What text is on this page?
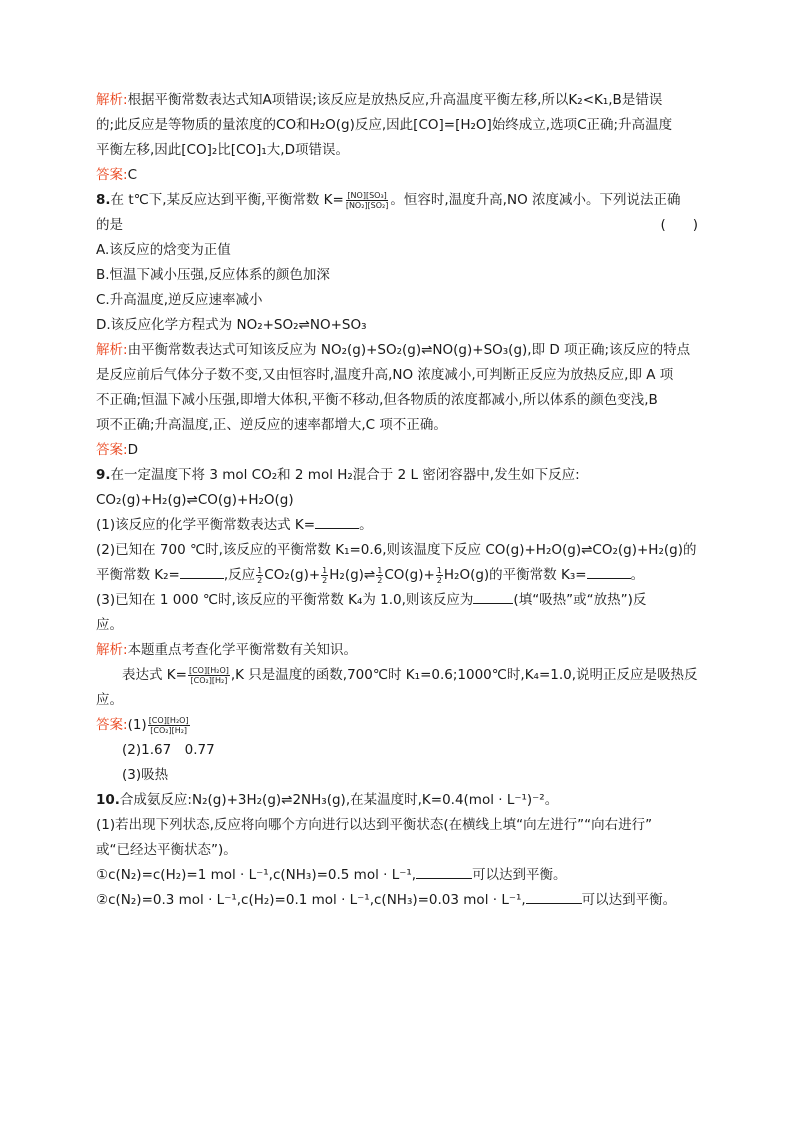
解析:根据平衡常数表达式知A项错误;该反应是放热反应,升高温度平衡左移,所以K₂<K₁,B是错误

的;此反应是等物质的量浓度的CO和H₂O(g)反应,因此[CO]=[H₂O]始终成立,选项C正确;升高温度

平衡左移,因此[CO]₂比[CO]₁大,D项错误。

答案:C

8.在 t℃下,某反应达到平衡,平衡常数 $K= \frac{\text{[NO][SO₃]}}{\text{[NO₂][SO₂]}}$ 。恒容时,温度升高,NO 浓度减小。下列说法正确

的是	(　　)

A.该反应的焓变为正值

B.恒温下减小压强,反应体系的颜色加深

C.升高温度,逆反应速率减小

D.该反应化学方程式为 NO₂+SO₂⇌NO+SO₃

解析:由平衡常数表达式可知该反应为 NO₂(g)+SO₂(g)⇌NO(g)+SO₃(g),即 D 项正确;该反应的特点

是反应前后气体分子数不变,又由恒容时,温度升高,NO 浓度减小,可判断正反应为放热反应,即 A 项

不正确;恒温下减小压强,即增大体积,平衡不移动,但各物质的浓度都减小,所以体系的颜色变浅,B

项不正确;升高温度,正、逆反应的速率都增大,C 项不正确。

答案:D

9.在一定温度下将 3 mol CO₂和 2 mol H₂混合于 2 L 密闭容器中,发生如下反应:

CO₂(g)+H₂(g)⇌CO(g)+H₂O(g)

(1)该反应的化学平衡常数表达式 K=	。

(2)已知在 700 ℃时,该反应的平衡常数 K₁=0.6,则该温度下反应 CO(g)+H₂O(g)⇌CO₂(g)+H₂(g)的

平衡常数 K₂=	,反应 $\frac{1}{2} CO_2(g)+ \frac{1}{2}$ H₂(g)⇌ $\frac{1}{2} CO(g)+ \frac{1}{2} H_2O(g)$的平衡常数 K₃=	。

(3)已知在 1 000 ℃时,该反应的平衡常数 K₄为 1.0,则该反应为	(填“吸热”或“放热”)反

应。

解析:本题重点考查化学平衡常数有关知识。

表达式 $K= \frac{\text{[CO][H₂O]}}{\text{[CO₂][H₂]}} ,K$ 只是温度的函数,700℃时 K₁=0.6;1000℃时,K₄=1.0,说明正反应是吸热反

应。

答案:(1) $\frac{\text{[CO][H₂O]}}{\text{[CO₂][H₂]}}$

(2)1.67　0.77

(3)吸热

10.合成氨反应:N₂(g)+3H₂(g)⇌2NH₃(g),在某温度时,K=0.4(mol · L⁻¹)⁻²。

(1)若出现下列状态,反应将向哪个方向进行以达到平衡状态(在横线上填“向左进行”“向右进行”

或“已经达平衡状态”)。

①c(N₂)=c(H₂)=1 mol · L⁻¹,c(NH₃)=0.5 mol · L⁻¹,	可以达到平衡。

②c(N₂)=0.3 mol · L⁻¹,c(H₂)=0.1 mol · L⁻¹,c(NH₃)=0.03 mol · L⁻¹,	可以达到平衡。
